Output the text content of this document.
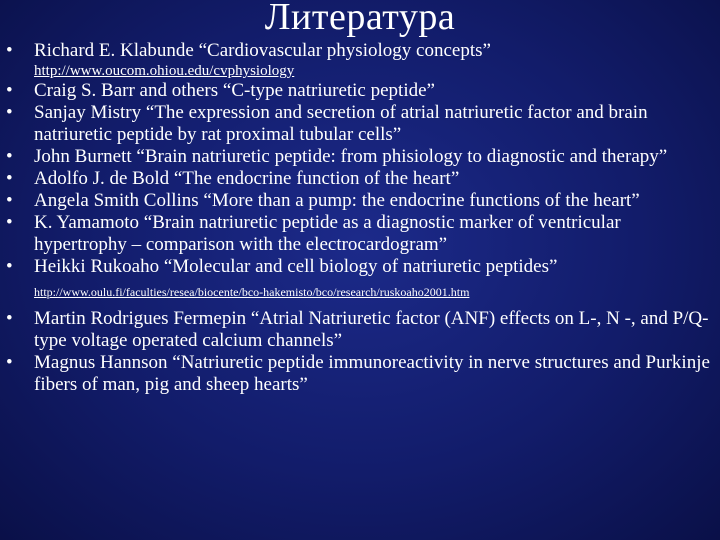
Литература
• Richard E. Klabunde “Cardiovascular physiology concepts”
http://www.oucom.ohiou.edu/cvphysiology
• Craig S. Barr and others “C-type natriuretic peptide”
• Sanjay Mistry “The expression and secretion of atrial natriuretic factor and brain natriuretic peptide by rat proximal tubular cells”
• John Burnett “Brain natriuretic peptide: from phisiology to diagnostic and therapy”
• Adolfo J. de Bold “The endocrine function of the heart”
• Angela Smith Collins “More than a pump: the endocrine functions of the heart”
• K. Yamamoto “Brain natriuretic peptide as a diagnostic marker of ventricular hypertrophy – comparison with the electrocardogram”
• Heikki Rukoaho “Molecular and cell biology of natriuretic peptides”
http://www.oulu.fi/faculties/resea/biocente/bco-hakemisto/bco/research/ruskoaho2001.htm
• Martin Rodrigues Fermepin “Atrial Natriuretic factor (ANF) effects on L-, N -, and P/Q-type voltage operated calcium channels”
• Magnus Hannson “Natriuretic peptide immunoreactivity in nerve structures and Purkinje fibers of man, pig and sheep hearts”
